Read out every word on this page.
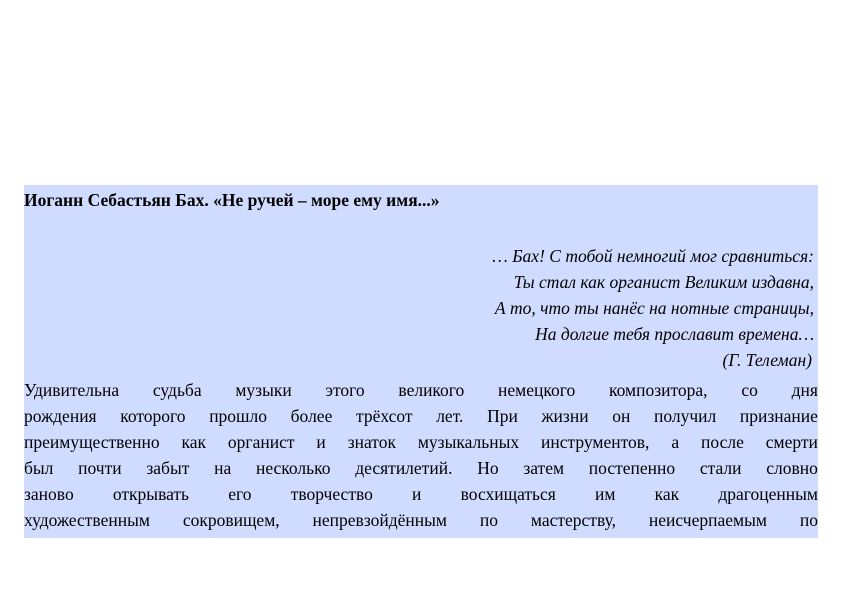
Иоганн Себастьян Бах. «Не ручей – море ему имя...»
… Бах! С тобой немногий мог сравниться:
Ты стал как органист Великим издавна,
А то, что ты нанёс на нотные страницы,
На долгие тебя прославит времена…
(Г. Телеман)
Удивительна судьба музыки этого великого немецкого композитора, со дня
рождения которого прошло более трёхсот лет. При жизни он получил признание
преимущественно как органист и знаток музыкальных инструментов, а после смерти
был почти забыт на несколько десятилетий. Но затем постепенно стали словно
заново открывать его творчество и восхищаться им как драгоценным
художественным сокровищем, непревзойдённым по мастерству, неисчерпаемым по
